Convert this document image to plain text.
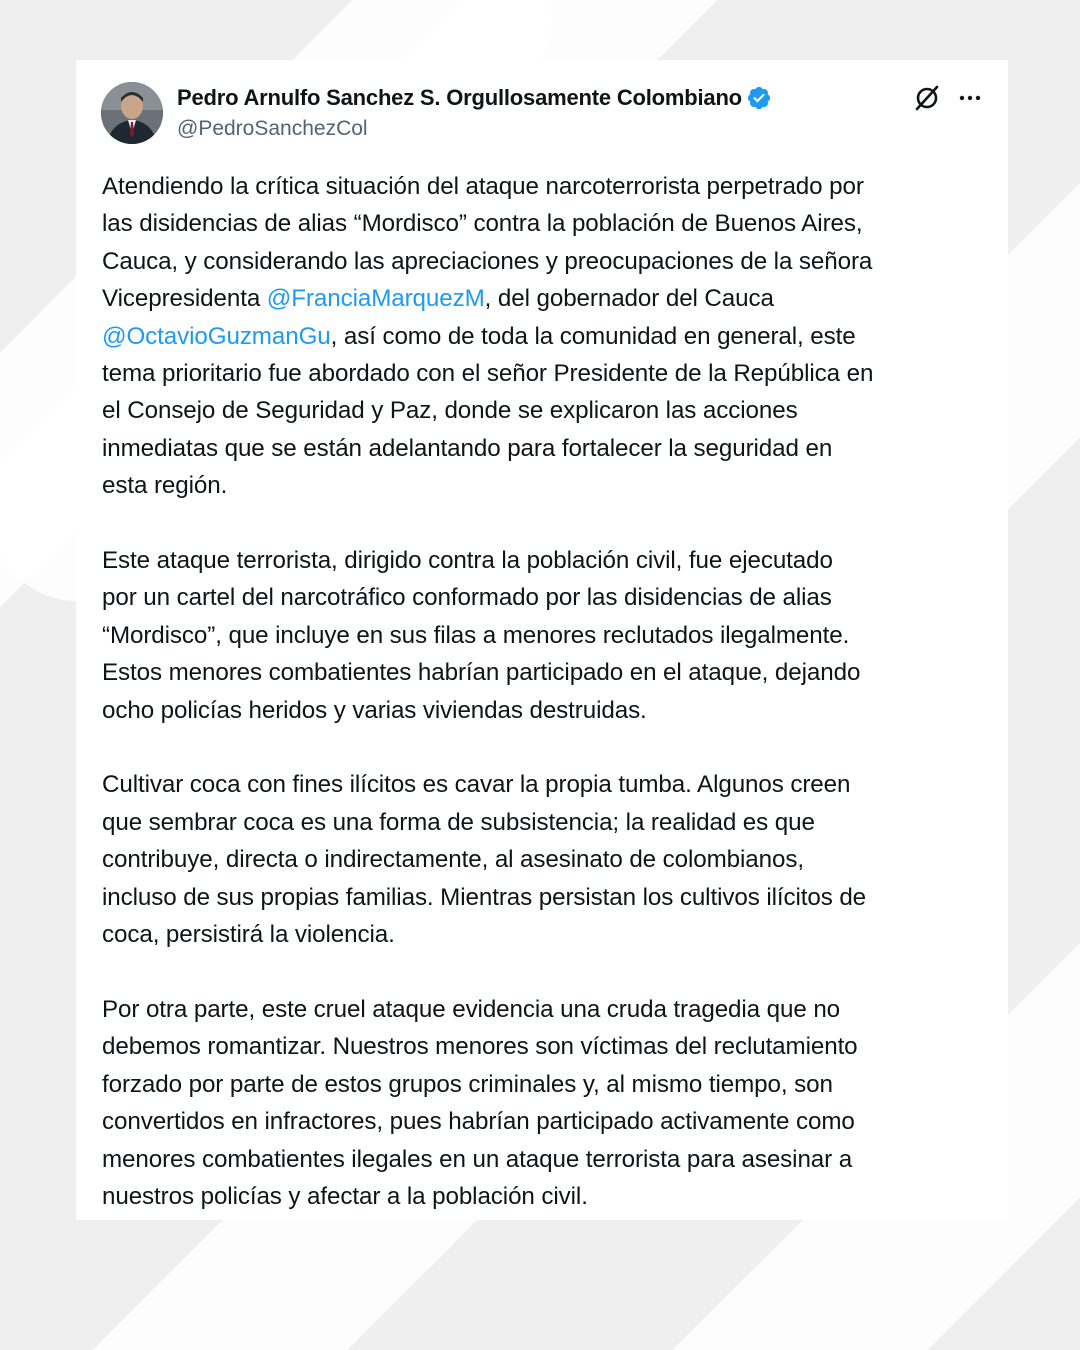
Pedro Arnulfo Sanchez S. Orgullosamente Colombiano
@PedroSanchezCol
Atendiendo la crítica situación del ataque narcoterrorista perpetrado por
las disidencias de alias “Mordisco” contra la población de Buenos Aires,
Cauca, y considerando las apreciaciones y preocupaciones de la señora
Vicepresidenta @FranciaMarquezM, del gobernador del Cauca
@OctavioGuzmanGu, así como de toda la comunidad en general, este
tema prioritario fue abordado con el señor Presidente de la República en
el Consejo de Seguridad y Paz, donde se explicaron las acciones
inmediatas que se están adelantando para fortalecer la seguridad en
esta región.
Este ataque terrorista, dirigido contra la población civil, fue ejecutado
por un cartel del narcotráfico conformado por las disidencias de alias
“Mordisco”, que incluye en sus filas a menores reclutados ilegalmente.
Estos menores combatientes habrían participado en el ataque, dejando
ocho policías heridos y varias viviendas destruidas.
Cultivar coca con fines ilícitos es cavar la propia tumba. Algunos creen
que sembrar coca es una forma de subsistencia; la realidad es que
contribuye, directa o indirectamente, al asesinato de colombianos,
incluso de sus propias familias. Mientras persistan los cultivos ilícitos de
coca, persistirá la violencia.
Por otra parte, este cruel ataque evidencia una cruda tragedia que no
debemos romantizar. Nuestros menores son víctimas del reclutamiento
forzado por parte de estos grupos criminales y, al mismo tiempo, son
convertidos en infractores, pues habrían participado activamente como
menores combatientes ilegales en un ataque terrorista para asesinar a
nuestros policías y afectar a la población civil.
